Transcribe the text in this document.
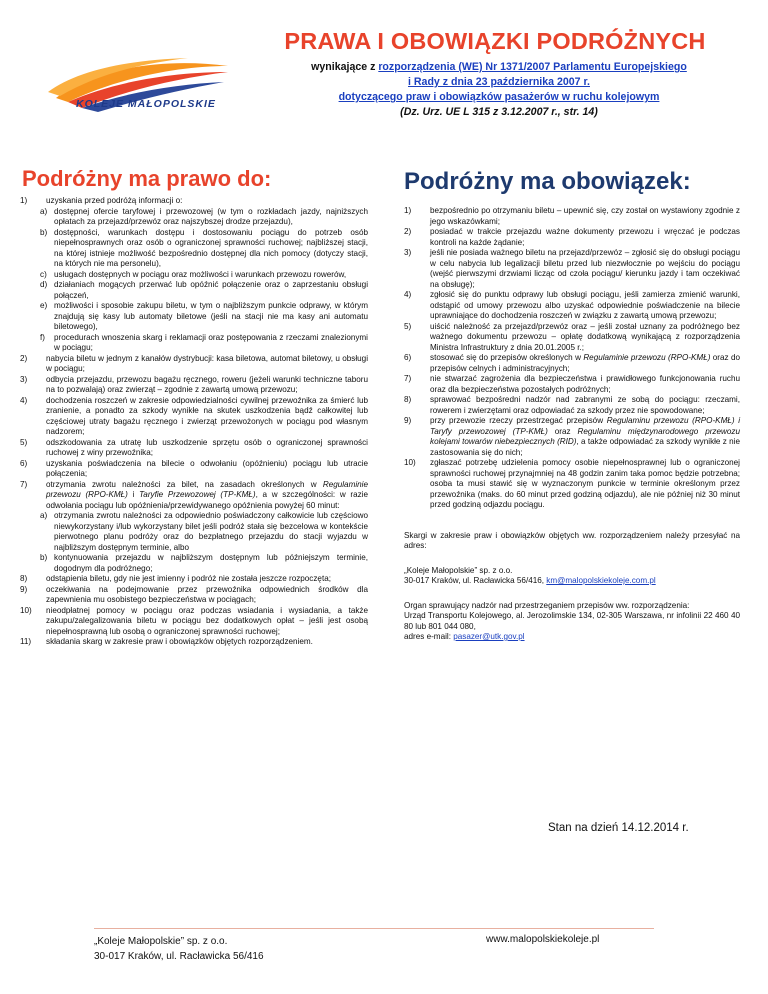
KOLEJE MAŁOPOLSKIE
PRAWA I OBOWIĄZKI PODRÓŻNYCH
wynikające z rozporządzenia (WE) Nr 1371/2007 Parlamentu Europejskiego
i Rady z dnia 23 października 2007 r.
dotyczącego praw i obowiązków pasażerów w ruchu kolejowym
(Dz. Urz. UE L 315 z 3.12.2007 r., str. 14)
Podróżny ma prawo do:
1)	uzyskania przed podróżą informacji o:
a) dostępnej ofercie taryfowej i przewozowej (w tym o rozkładach jazdy, najniższych opłatach za przejazd/przewóz oraz najszybszej drodze przejazdu),
b) dostępności, warunkach dostępu i dostosowaniu pociągu do potrzeb osób niepełnosprawnych oraz osób o ograniczonej sprawności ruchowej; najbliższej stacji, na której istnieje możliwość bezpośrednio dostępnej dla nich pomocy (dotyczy stacji, na których nie ma personelu),
c) usługach dostępnych w pociągu oraz możliwości i warunkach przewozu rowerów,
d) działaniach mogących przerwać lub opóźnić połączenie oraz o zaprzestaniu obsługi połączeń,
e) możliwości i sposobie zakupu biletu, w tym o najbliższym punkcie odprawy, w którym znajdują się kasy lub automaty biletowe (jeśli na stacji nie ma kasy ani automatu biletowego),
f)	procedurach wnoszenia skarg i reklamacji oraz postępowania z rzeczami znalezionymi w pociągu;
2)	nabycia biletu w jednym z kanałów dystrybucji: kasa biletowa, automat biletowy, u obsługi w pociągu;
3)	odbycia przejazdu, przewozu bagażu ręcznego, roweru (jeżeli warunki techniczne taboru na to pozwalają) oraz zwierząt – zgodnie z zawartą umową przewozu;
4)	dochodzenia roszczeń w zakresie odpowiedzialności cywilnej przewoźnika za śmierć lub zranienie, a ponadto za szkody wynikłe na skutek uszkodzenia bądź całkowitej lub częściowej utraty bagażu ręcznego i zwierząt przewożonych w pociągu pod własnym nadzorem;
5)	odszkodowania za utratę lub uszkodzenie sprzętu osób o ograniczonej sprawności ruchowej z winy przewoźnika;
6)	uzyskania poświadczenia na bilecie o odwołaniu (opóźnieniu) pociągu lub utracie połączenia;
7)	otrzymania zwrotu należności za bilet, na zasadach określonych w Regulaminie przewozu (RPO-KMŁ) i Taryfie Przewozowej (TP-KMŁ), a w szczególności: w razie odwołania pociągu lub opóźnienia/przewidywanego opóźnienia powyżej 60 minut:
a) otrzymania zwrotu należności za odpowiednio poświadczony całkowicie lub częściowo niewykorzystany i/lub wykorzystany bilet jeśli podróż stała się bezcelowa w kontekście pierwotnego planu podróży oraz do bezpłatnego przejazdu do stacji wyjazdu w najbliższym dostępnym terminie, albo
b) kontynuowania przejazdu w najbliższym dostępnym lub późniejszym terminie, dogodnym dla podróżnego;
8)	odstąpienia biletu, gdy nie jest imienny i podróż nie została jeszcze rozpoczęta;
9)	oczekiwania na podejmowanie przez przewoźnika odpowiednich środków dla zapewnienia mu osobistego bezpieczeństwa w pociągach;
10)	nieodpłatnej pomocy w pociągu oraz podczas wsiadania i wysiadania, a także zakupu/zalegalizowania biletu w pociągu bez dodatkowych opłat – jeśli jest osobą niepełnosprawną lub osobą o ograniczonej sprawności ruchowej;
11)	składania skarg w zakresie praw i obowiązków objętych rozporządzeniem.
Podróżny ma obowiązek:
1)	bezpośrednio po otrzymaniu biletu – upewnić się, czy został on wystawiony zgodnie z jego wskazówkami;
2)	posiadać w trakcie przejazdu ważne dokumenty przewozu i wręczać je podczas kontroli na każde żądanie;
3)	jeśli nie posiada ważnego biletu na przejazd/przewóz – zgłosić się do obsługi pociągu w celu nabycia lub legalizacji biletu przed lub niezwłocznie po wejściu do pociągu (wejść pierwszymi drzwiami licząc od czoła pociągu/ kierunku jazdy i tam oczekiwać na obsługę);
4)	zgłosić się do punktu odprawy lub obsługi pociągu, jeśli zamierza zmienić warunki, odstąpić od umowy przewozu albo uzyskać odpowiednie poświadczenie na bilecie uprawniające do dochodzenia roszczeń w związku z zawartą umową przewozu;
5)	uiścić należność za przejazd/przewóz oraz – jeśli został uznany za podróżnego bez ważnego dokumentu przewozu – opłatę dodatkową wynikającą z rozporządzenia Ministra Infrastruktury z dnia 20.01.2005 r.;
6)	stosować się do przepisów określonych w Regulaminie przewozu (RPO-KMŁ) oraz do przepisów celnych i administracyjnych;
7)	nie stwarzać zagrożenia dla bezpieczeństwa i prawidłowego funkcjonowania ruchu oraz dla bezpieczeństwa pozostałych podróżnych;
8)	sprawować bezpośredni nadzór nad zabranymi ze sobą do pociągu: rzeczami, rowerem i zwierzętami oraz odpowiadać za szkody przez nie spowodowane;
9)	przy przewozie rzeczy przestrzegać przepisów Regulaminu przewozu (RPO-KMŁ) i Taryfy przewozowej (TP-KMŁ) oraz Regulaminu międzynarodowego przewozu kolejami towarów niebezpiecznych (RID), a także odpowiadać za szkody wynikłe z nie zastosowania się do nich;
10)	zgłaszać potrzebę udzielenia pomocy osobie niepełnosprawnej lub o ograniczonej sprawności ruchowej przynajmniej na 48 godzin zanim taka pomoc będzie potrzebna; osoba ta musi stawić się w wyznaczonym punkcie w terminie określonym przez przewoźnika (maks. do 60 minut przed godziną odjazdu), ale nie później niż 30 minut przed godziną odjazdu pociągu.
Skargi w zakresie praw i obowiązków objętych ww. rozporządzeniem należy przesyłać na adres:
„Koleje Małopolskie” sp. z o.o.
30-017 Kraków, ul. Racławicka 56/416, km@malopolskiekoleje.com.pl
Organ sprawujący nadzór nad przestrzeganiem przepisów ww. rozporządzenia:
Urząd Transportu Kolejowego, al. Jerozolimskie 134, 02-305 Warszawa, nr infolinii 22 460 40 80 lub 801 044 080,
adres e-mail: pasazer@utk.gov.pl
Stan na dzień 14.12.2014 r.
„Koleje Małopolskie” sp. z o.o.
30-017 Kraków, ul. Racławicka 56/416
www.malopolskiekoleje.pl
